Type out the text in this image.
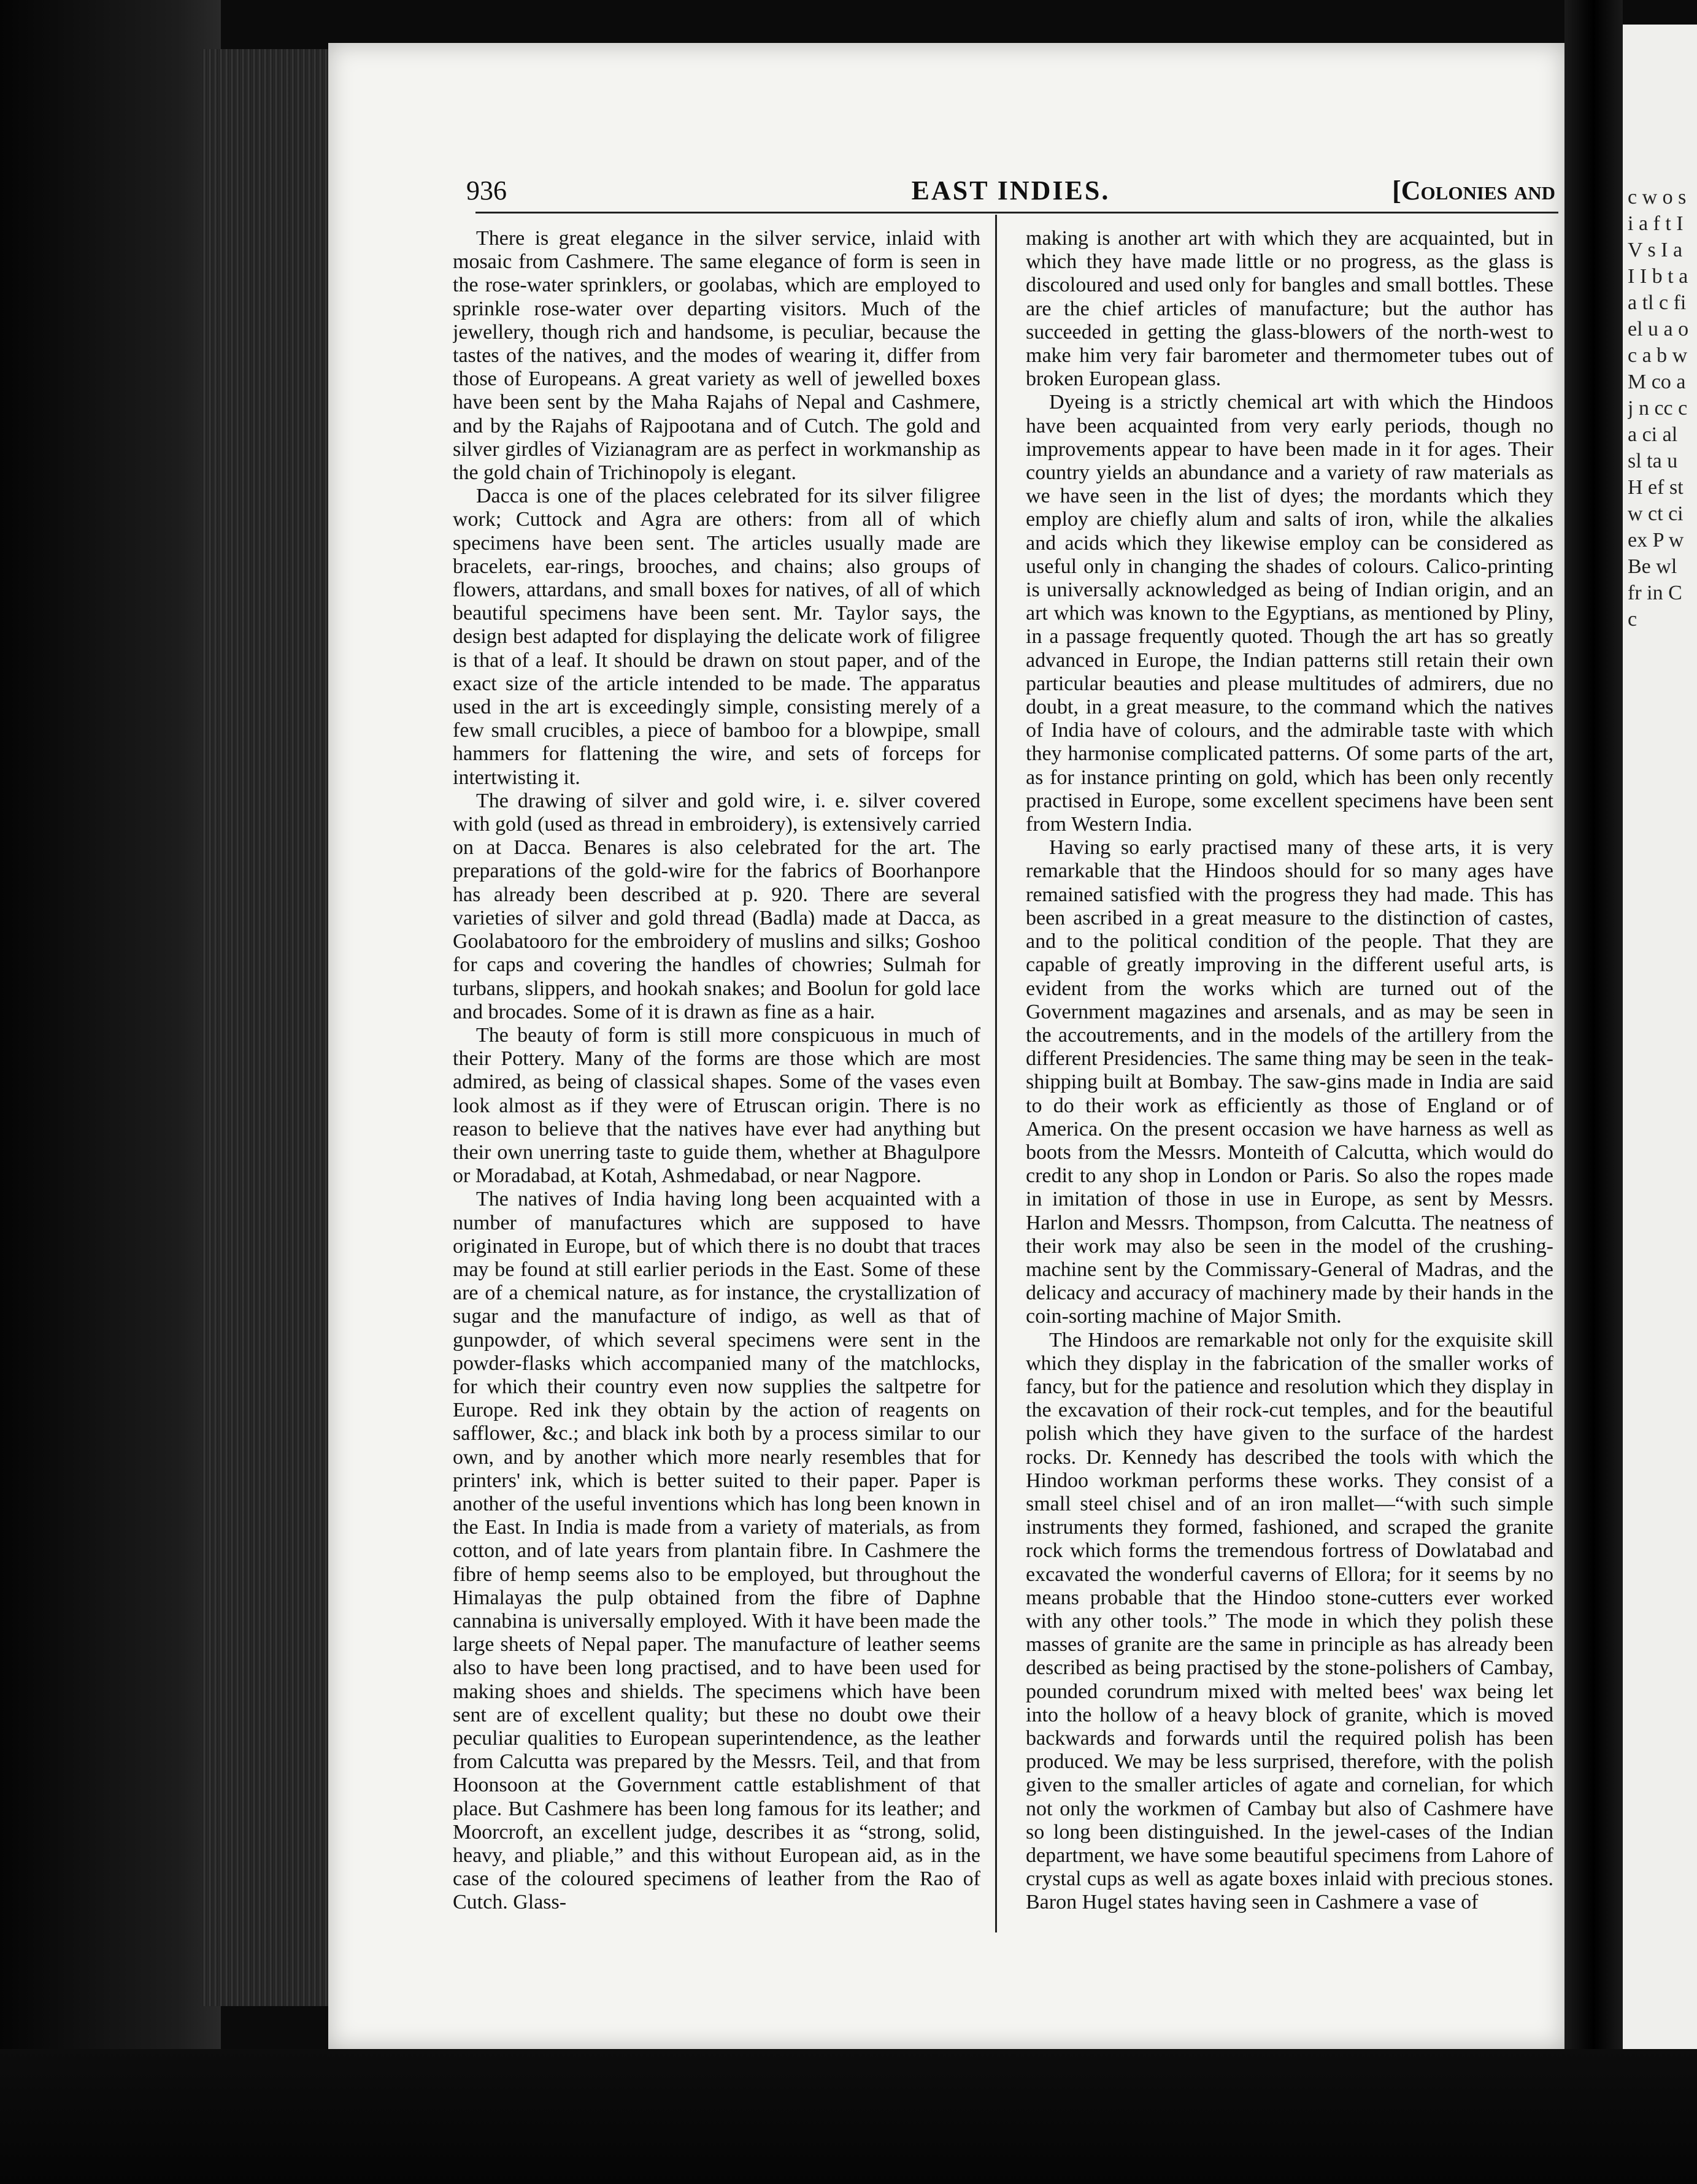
c w o s i a f t I V s I a I I b t a a tl c fi el u a o c a b w M co aj n cc ca ci al sl ta u H ef st w ct ci ex P w Be wl fr in Cc
936	EAST INDIES.	[Colonies and

There is great elegance in the silver service, inlaid with mosaic from Cashmere. The same elegance of form is seen in the rose-water sprinklers, or goolabas, which are employed to sprinkle rose-water over departing visitors. Much of the jewellery, though rich and handsome, is peculiar, because the tastes of the natives, and the modes of wearing it, differ from those of Europeans. A great variety as well of jewelled boxes have been sent by the Maha Rajahs of Nepal and Cashmere, and by the Rajahs of Rajpootana and of Cutch. The gold and silver girdles of Vizianagram are as perfect in workmanship as the gold chain of Trichinopoly is elegant.

Dacca is one of the places celebrated for its silver filigree work; Cuttock and Agra are others: from all of which specimens have been sent. The articles usually made are bracelets, ear-rings, brooches, and chains; also groups of flowers, attardans, and small boxes for natives, of all of which beautiful specimens have been sent. Mr. Taylor says, the design best adapted for displaying the delicate work of filigree is that of a leaf. It should be drawn on stout paper, and of the exact size of the article intended to be made. The apparatus used in the art is exceedingly simple, consisting merely of a few small crucibles, a piece of bamboo for a blowpipe, small hammers for flattening the wire, and sets of forceps for intertwisting it.

The drawing of silver and gold wire, i. e. silver covered with gold (used as thread in embroidery), is extensively carried on at Dacca. Benares is also celebrated for the art. The preparations of the gold-wire for the fabrics of Boorhanpore has already been described at p. 920. There are several varieties of silver and gold thread (Badla) made at Dacca, as Goolabatooro for the embroidery of muslins and silks; Goshoo for caps and covering the handles of chowries; Sulmah for turbans, slippers, and hookah snakes; and Boolun for gold lace and brocades. Some of it is drawn as fine as a hair.

The beauty of form is still more conspicuous in much of their Pottery. Many of the forms are those which are most admired, as being of classical shapes. Some of the vases even look almost as if they were of Etruscan origin. There is no reason to believe that the natives have ever had anything but their own unerring taste to guide them, whether at Bhagulpore or Moradabad, at Kotah, Ashmedabad, or near Nagpore.

The natives of India having long been acquainted with a number of manufactures which are supposed to have originated in Europe, but of which there is no doubt that traces may be found at still earlier periods in the East. Some of these are of a chemical nature, as for instance, the crystallization of sugar and the manufacture of indigo, as well as that of gunpowder, of which several specimens were sent in the powder-flasks which accompanied many of the matchlocks, for which their country even now supplies the saltpetre for Europe. Red ink they obtain by the action of reagents on safflower, &c.; and black ink both by a process similar to our own, and by another which more nearly resembles that for printers' ink, which is better suited to their paper. Paper is another of the useful inventions which has long been known in the East. In India is made from a variety of materials, as from cotton, and of late years from plantain fibre. In Cashmere the fibre of hemp seems also to be employed, but throughout the Himalayas the pulp obtained from the fibre of Daphne cannabina is universally employed. With it have been made the large sheets of Nepal paper. The manufacture of leather seems also to have been long practised, and to have been used for making shoes and shields. The specimens which have been sent are of excellent quality; but these no doubt owe their peculiar qualities to European superintendence, as the leather from Calcutta was prepared by the Messrs. Teil, and that from Hoonsoon at the Government cattle establishment of that place. But Cashmere has been long famous for its leather; and Moorcroft, an excellent judge, describes it as “strong, solid, heavy, and pliable,” and this without European aid, as in the case of the coloured specimens of leather from the Rao of Cutch. Glass-

making is another art with which they are acquainted, but in which they have made little or no progress, as the glass is discoloured and used only for bangles and small bottles. These are the chief articles of manufacture; but the author has succeeded in getting the glass-blowers of the north-west to make him very fair barometer and thermometer tubes out of broken European glass.

Dyeing is a strictly chemical art with which the Hindoos have been acquainted from very early periods, though no improvements appear to have been made in it for ages. Their country yields an abundance and a variety of raw materials as we have seen in the list of dyes; the mordants which they employ are chiefly alum and salts of iron, while the alkalies and acids which they likewise employ can be considered as useful only in changing the shades of colours. Calico-printing is universally acknowledged as being of Indian origin, and an art which was known to the Egyptians, as mentioned by Pliny, in a passage frequently quoted. Though the art has so greatly advanced in Europe, the Indian patterns still retain their own particular beauties and please multitudes of admirers, due no doubt, in a great measure, to the command which the natives of India have of colours, and the admirable taste with which they harmonise complicated patterns. Of some parts of the art, as for instance printing on gold, which has been only recently practised in Europe, some excellent specimens have been sent from Western India.

Having so early practised many of these arts, it is very remarkable that the Hindoos should for so many ages have remained satisfied with the progress they had made. This has been ascribed in a great measure to the distinction of castes, and to the political condition of the people. That they are capable of greatly improving in the different useful arts, is evident from the works which are turned out of the Government magazines and arsenals, and as may be seen in the accoutrements, and in the models of the artillery from the different Presidencies. The same thing may be seen in the teak-shipping built at Bombay. The saw-gins made in India are said to do their work as efficiently as those of England or of America. On the present occasion we have harness as well as boots from the Messrs. Monteith of Calcutta, which would do credit to any shop in London or Paris. So also the ropes made in imitation of those in use in Europe, as sent by Messrs. Harlon and Messrs. Thompson, from Calcutta. The neatness of their work may also be seen in the model of the crushing-machine sent by the Commissary-General of Madras, and the delicacy and accuracy of machinery made by their hands in the coin-sorting machine of Major Smith.

The Hindoos are remarkable not only for the exquisite skill which they display in the fabrication of the smaller works of fancy, but for the patience and resolution which they display in the excavation of their rock-cut temples, and for the beautiful polish which they have given to the surface of the hardest rocks. Dr. Kennedy has described the tools with which the Hindoo workman performs these works. They consist of a small steel chisel and of an iron mallet—“with such simple instruments they formed, fashioned, and scraped the granite rock which forms the tremendous fortress of Dowlatabad and excavated the wonderful caverns of Ellora; for it seems by no means probable that the Hindoo stone-cutters ever worked with any other tools.” The mode in which they polish these masses of granite are the same in principle as has already been described as being practised by the stone-polishers of Cambay, pounded corundrum mixed with melted bees' wax being let into the hollow of a heavy block of granite, which is moved backwards and forwards until the required polish has been produced. We may be less surprised, therefore, with the polish given to the smaller articles of agate and cornelian, for which not only the workmen of Cambay but also of Cashmere have so long been distinguished. In the jewel-cases of the Indian department, we have some beautiful specimens from Lahore of crystal cups as well as agate boxes inlaid with precious stones. Baron Hugel states having seen in Cashmere a vase of
